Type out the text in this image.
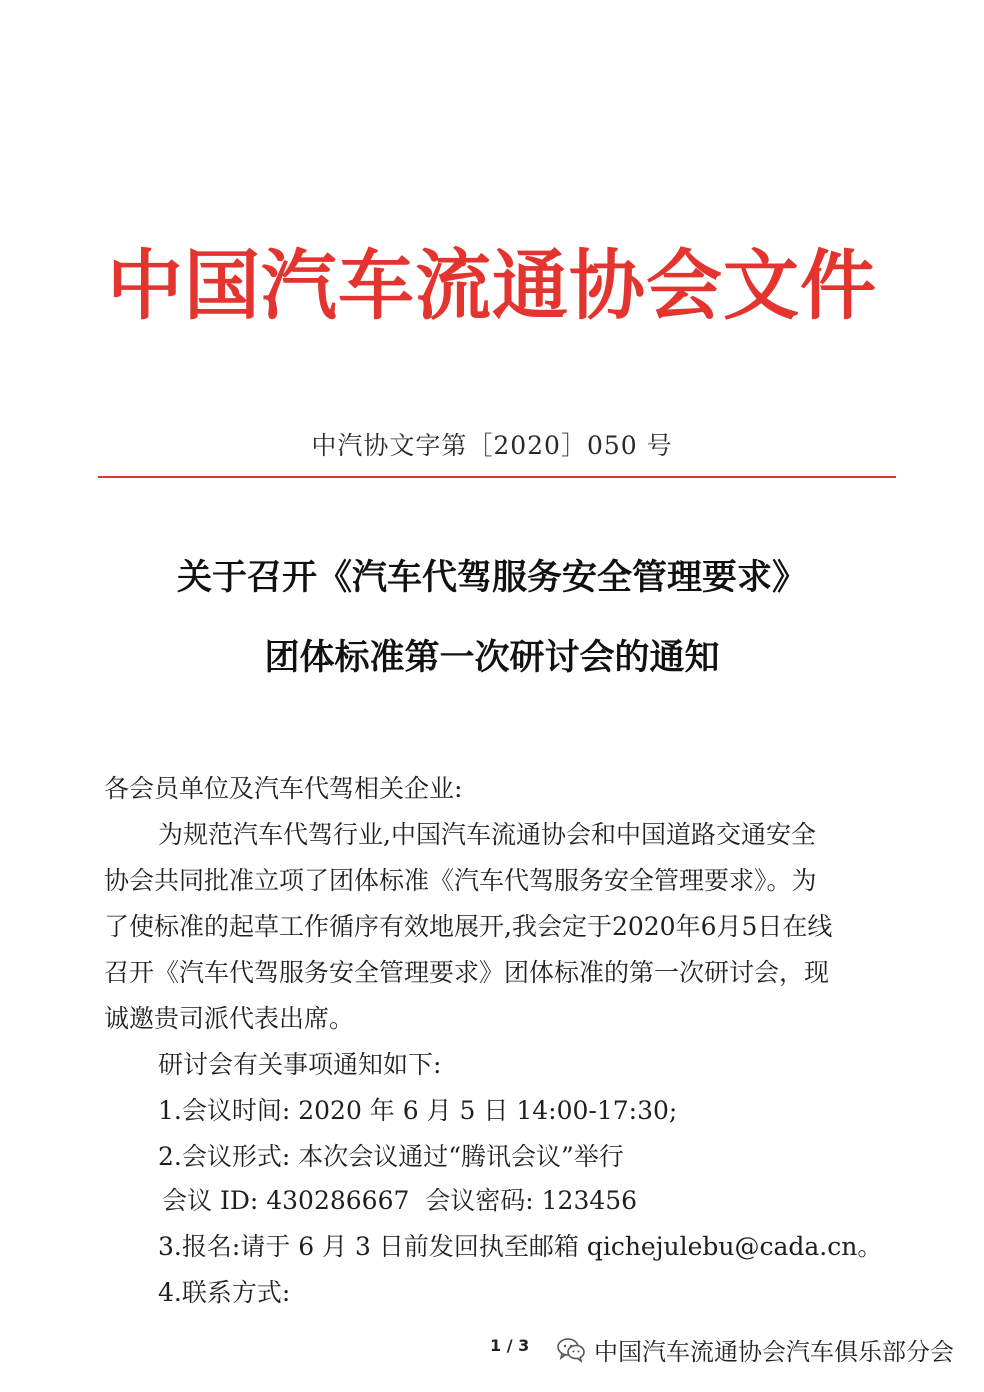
中国汽车流通协会文件
中汽协文字第［2020］050 号
关于召开《汽车代驾服务安全管理要求》
团体标准第一次研讨会的通知
各会员单位及汽车代驾相关企业:
为规范汽车代驾行业,中国汽车流通协会和中国道路交通安全
协会共同批准立项了团体标准《汽车代驾服务安全管理要求》。为
了使标准的起草工作循序有效地展开,我会定于2020年6月5日在线
召开《汽车代驾服务安全管理要求》团体标准的第一次研讨会，现
诚邀贵司派代表出席。
研讨会有关事项通知如下:
1.会议时间: 2020 年 6 月 5 日 14:00-17:30;
2.会议形式: 本次会议通过“腾讯会议”举行
会议 ID: 430286667  会议密码: 123456
3.报名:请于 6 月 3 日前发回执至邮箱 qichejulebu@cada.cn。
4.联系方式:
1 / 3	中国汽车流通协会汽车俱乐部分会
